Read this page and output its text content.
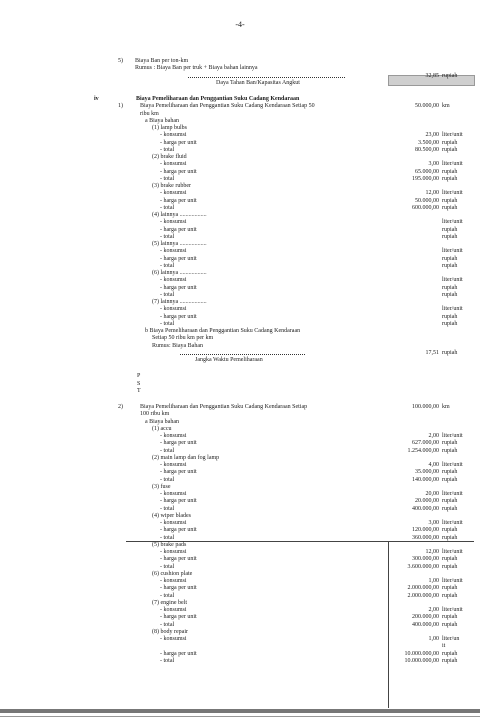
-4-
5) Biaya Ban per ton-km
Rumus : Biaya Ban per truk + Biaya bahan lainnya
32,85 rupiah
Daya Tahan Ban/Kapasitas Angkut
iv	Biaya Pemeliharaan dan Penggantian Suku Cadang Kendaraan
1)	Biaya Pemeliharaan dan Penggantian Suku Cadang Kendaraan Setiap 50	50.000,00 km
ribu km
a Biaya bahan
(1) lamp bulbs
- konsumsi	23,00 liter/unit
- harga per unit	3.500,00 rupiah
- total	80.500,00 rupiah
(2) brake fluid
- konsumsi	3,00 liter/unit
- harga per unit	65.000,00 rupiah
- total	195.000,00 rupiah
(3) brake rubber
- konsumsi	12,00 liter/unit
- harga per unit	50.000,00 rupiah
- total	600.000,00 rupiah
(4) lainnya ..................
- konsumsi	liter/unit
- harga per unit	rupiah
- total	rupiah
(5) lainnya ..................
- konsumsi	liter/unit
- harga per unit	rupiah
- total	rupiah
(6) lainnya ..................
- konsumsi	liter/unit
- harga per unit	rupiah
- total	rupiah
(7) lainnya ..................
- konsumsi	liter/unit
- harga per unit	rupiah
- total	rupiah
b Biaya Pemeliharaan dan Penggantian Suku Cadang Kendaraan
Setiap 50 ribu km per km
Rumus: Biaya Bahan
17,51 rupiah
Jangka Waktu Pemeliharaan
P
S
T
2)	Biaya Pemeliharaan dan Penggantian Suku Cadang Kendaraan Setiap	100.000,00 km
100 ribu km
a Biaya bahan
(1) accu
- konsumsi	2,00 liter/unit
- harga per unit	627.000,00 rupiah
- total	1.254.000,00 rupiah
(2) main lamp dan fog lamp
- konsumsi	4,00 liter/unit
- harga per unit	35.000,00 rupiah
- total	140.000,00 rupiah
(3) fuse
- konsumsi	20,00 liter/unit
- harga per unit	20.000,00 rupiah
- total	400.000,00 rupiah
(4) wiper blades
- konsumsi	3,00 liter/unit
- harga per unit	120.000,00 rupiah
- total	360.000,00 rupiah
(5) brake pads
- konsumsi	12,00 liter/unit
- harga per unit	300.000,00 rupiah
- total	3.600.000,00 rupiah
(6) cushion plate
- konsumsi	1,00 liter/unit
- harga per unit	2.000.000,00 rupiah
- total	2.000.000,00 rupiah
(7) engine belt
- konsumsi	2,00 liter/unit
- harga per unit	200.000,00 rupiah
- total	400.000,00 rupiah
(8) body repair
- konsumsi	1,00 liter/un
it
- harga per unit	10.000.000,00 rupiah
- total	10.000.000,00 rupiah
